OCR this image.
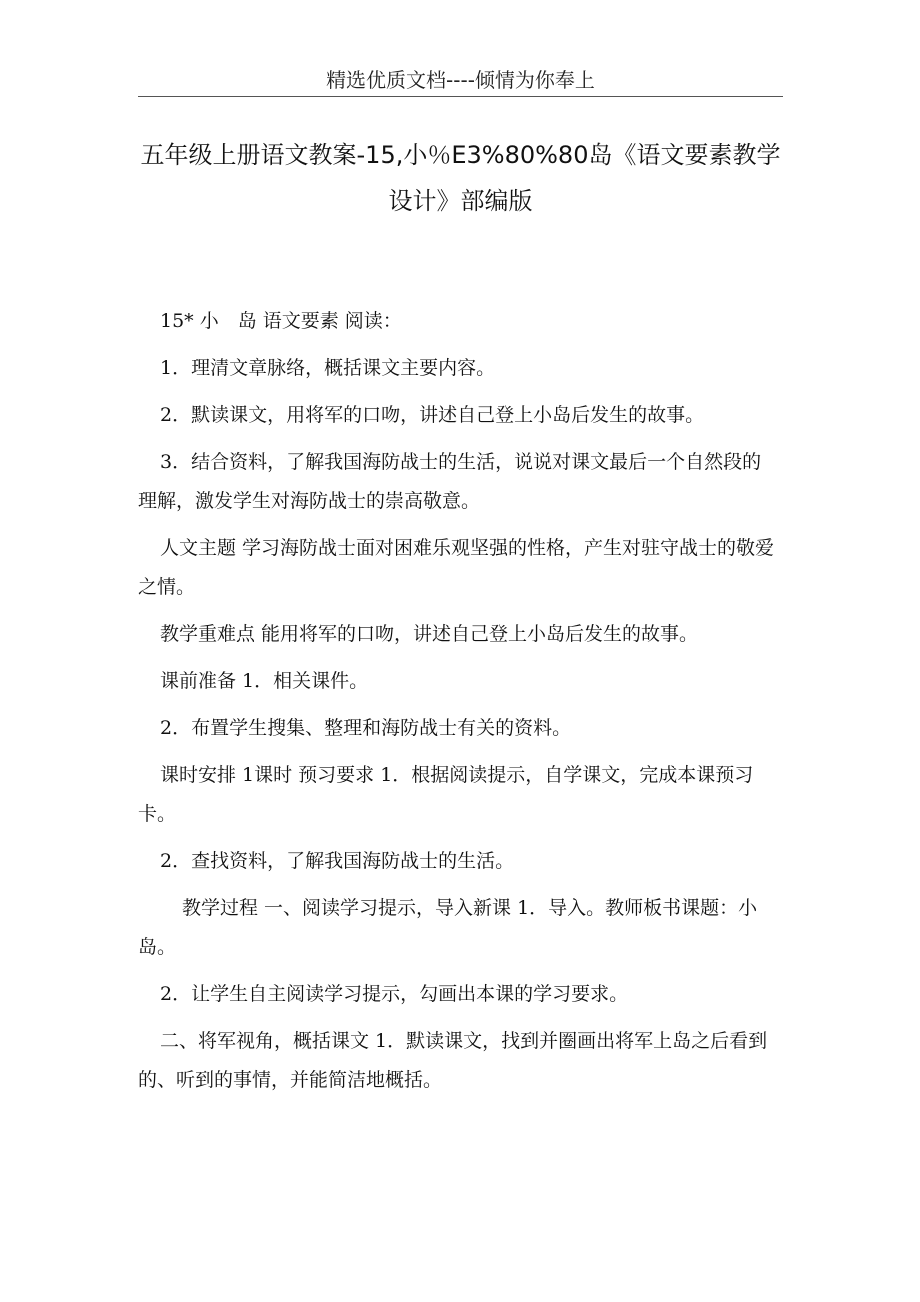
精选优质文档----倾情为你奉上
五年级上册语文教案-15,小％E3%80%80岛《语文要素教学
设计》部编版

15* 小　岛 语文要素 阅读：

1．理清文章脉络，概括课文主要内容。

2．默读课文，用将军的口吻，讲述自己登上小岛后发生的故事。

3．结合资料，了解我国海防战士的生活，说说对课文最后一个自然段的理解，激发学生对海防战士的崇高敬意。

人文主题 学习海防战士面对困难乐观坚强的性格，产生对驻守战士的敬爱之情。

教学重难点 能用将军的口吻，讲述自己登上小岛后发生的故事。

课前准备 1．相关课件。

2．布置学生搜集、整理和海防战士有关的资料。

课时安排 1课时 预习要求 1．根据阅读提示，自学课文，完成本课预习卡。

2．查找资料，了解我国海防战士的生活。

教学过程 一、阅读学习提示，导入新课 1．导入。教师板书课题：小岛。

2．让学生自主阅读学习提示，勾画出本课的学习要求。

二、将军视角，概括课文 1．默读课文，找到并圈画出将军上岛之后看到的、听到的事情，并能简洁地概括。
